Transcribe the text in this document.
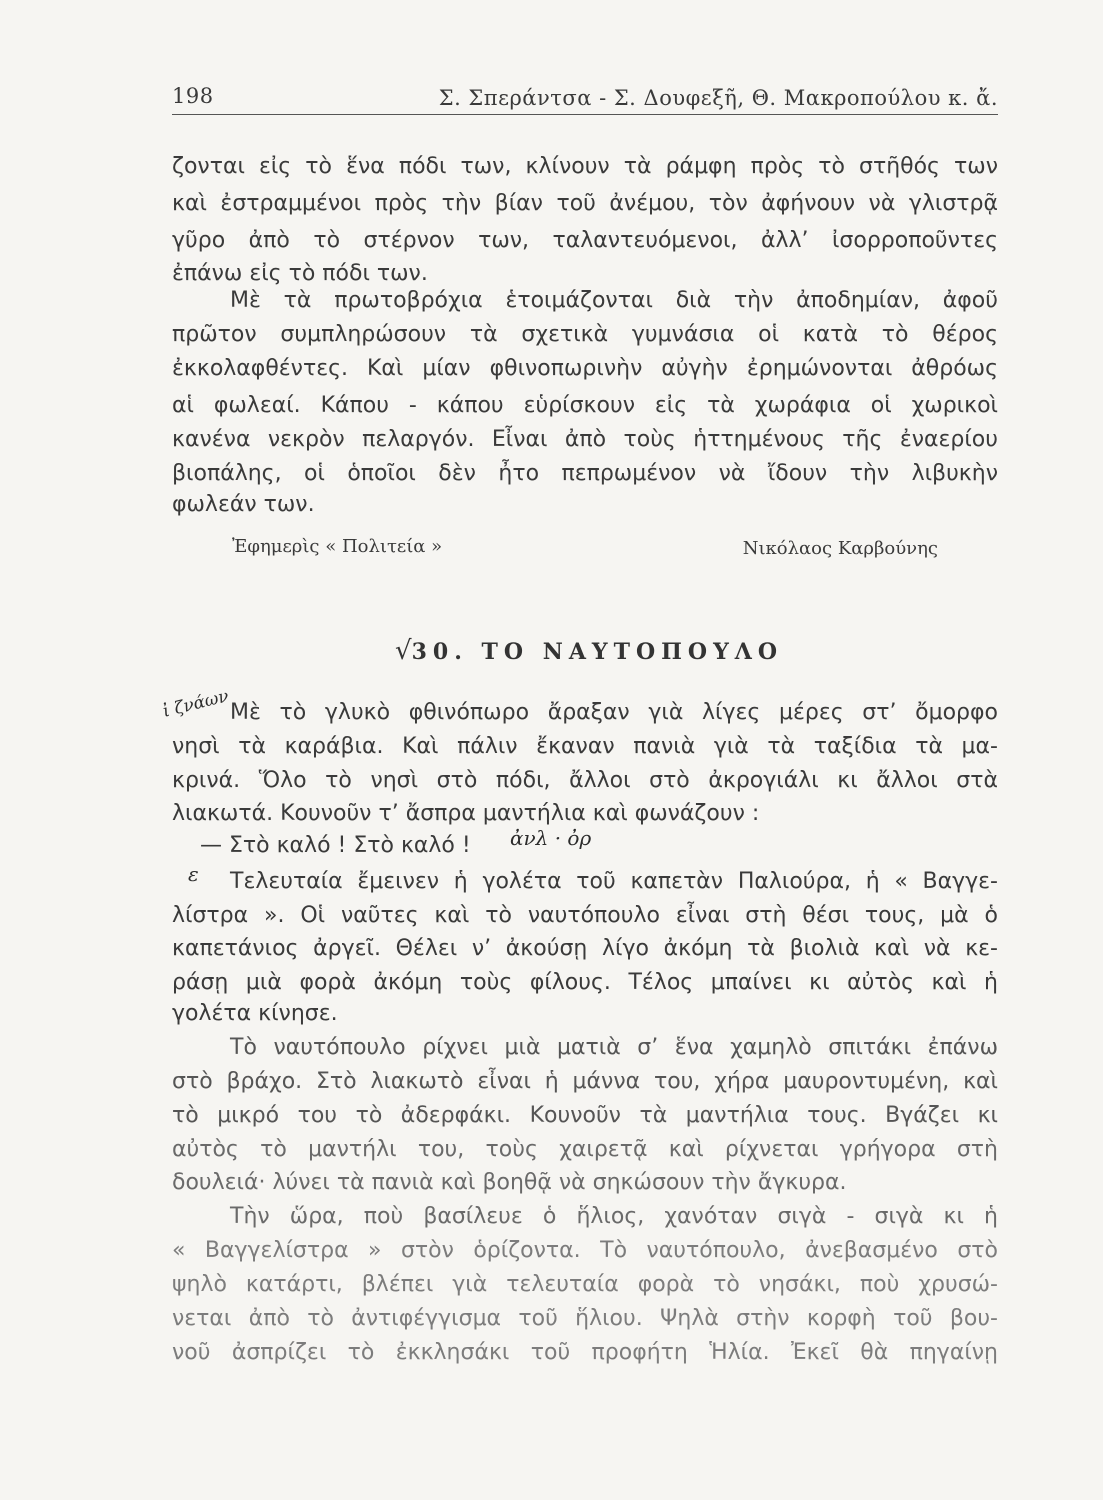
198	Σ. Σπεράντσα - Σ. Δουφεξῆ, Θ. Μακροπούλου κ. ἄ.
ζονται εἰς τὸ ἕνα πόδι των, κλίνουν τὰ ράμφη πρὸς τὸ στῆθός των
καὶ ἐστραμμένοι πρὸς τὴν βίαν τοῦ ἀνέμου, τὸν ἀφήνουν νὰ γλιστρᾷ
γῦρο ἀπὸ τὸ στέρνον των, ταλαντευόμενοι, ἀλλ’ ἰσορροποῦντες
ἐπάνω εἰς τὸ πόδι των.
Μὲ τὰ πρωτοβρόχια ἑτοιμάζονται διὰ τὴν ἀποδημίαν, ἀφοῦ
πρῶτον συμπληρώσουν τὰ σχετικὰ γυμνάσια οἱ κατὰ τὸ θέρος
ἐκκολαφθέντες. Καὶ μίαν φθινοπωρινὴν αὐγὴν ἐρημώνονται ἀθρόως
αἱ φωλεαί. Κάπου - κάπου εὑρίσκουν εἰς τὰ χωράφια οἱ χωρικοὶ
κανένα νεκρὸν πελαργόν. Εἶναι ἀπὸ τοὺς ἡττημένους τῆς ἐναερίου
βιοπάλης, οἱ ὁποῖοι δὲν ἦτο πεπρωμένον νὰ ἴδουν τὴν λιβυκὴν
φωλεάν των.
Ἐφημερὶς « Πολιτεία »	Νικόλαος Καρβούνης
√30. ΤΟ ΝΑΥΤΟΠΟΥΛΟ
ἰ ζνάων
ἀνλ · ὀρ
ε
Μὲ τὸ γλυκὸ φθινόπωρο ἄραξαν γιὰ λίγες μέρες στ’ ὄμορφο
νησὶ τὰ καράβια. Καὶ πάλιν ἔκαναν πανιὰ γιὰ τὰ ταξίδια τὰ μα-
κρινά. Ὅλο τὸ νησὶ στὸ πόδι, ἄλλοι στὸ ἀκρογιάλι κι ἄλλοι στὰ
λιακωτά. Κουνοῦν τ’ ἄσπρα μαντήλια καὶ φωνάζουν :
— Στὸ καλό ! Στὸ καλό !
Τελευταία ἔμεινεν ἡ γολέτα τοῦ καπετὰν Παλιούρα, ἡ « Βαγγε-
λίστρα ». Οἱ ναῦτες καὶ τὸ ναυτόπουλο εἶναι στὴ θέσι τους, μὰ ὁ
καπετάνιος ἀργεῖ. Θέλει ν’ ἀκούσῃ λίγο ἀκόμη τὰ βιολιὰ καὶ νὰ κε-
ράσῃ μιὰ φορὰ ἀκόμη τοὺς φίλους. Τέλος μπαίνει κι αὐτὸς καὶ ἡ
γολέτα κίνησε.
Τὸ ναυτόπουλο ρίχνει μιὰ ματιὰ σ’ ἕνα χαμηλὸ σπιτάκι ἐπάνω
στὸ βράχο. Στὸ λιακωτὸ εἶναι ἡ μάννα του, χήρα μαυροντυμένη, καὶ
τὸ μικρό του τὸ ἀδερφάκι. Κουνοῦν τὰ μαντήλια τους. Βγάζει κι
αὐτὸς τὸ μαντήλι του, τοὺς χαιρετᾷ καὶ ρίχνεται γρήγορα στὴ
δουλειά· λύνει τὰ πανιὰ καὶ βοηθᾷ νὰ σηκώσουν τὴν ἄγκυρα.
Τὴν ὥρα, ποὺ βασίλευε ὁ ἥλιος, χανόταν σιγὰ - σιγὰ κι ἡ
« Βαγγελίστρα » στὸν ὁρίζοντα. Τὸ ναυτόπουλο, ἀνεβασμένο στὸ
ψηλὸ κατάρτι, βλέπει γιὰ τελευταία φορὰ τὸ νησάκι, ποὺ χρυσώ-
νεται ἀπὸ τὸ ἀντιφέγγισμα τοῦ ἥλιου. Ψηλὰ στὴν κορφὴ τοῦ βου-
νοῦ ἀσπρίζει τὸ ἐκκλησάκι τοῦ προφήτη Ἡλία. Ἐκεῖ θὰ πηγαίνῃ
